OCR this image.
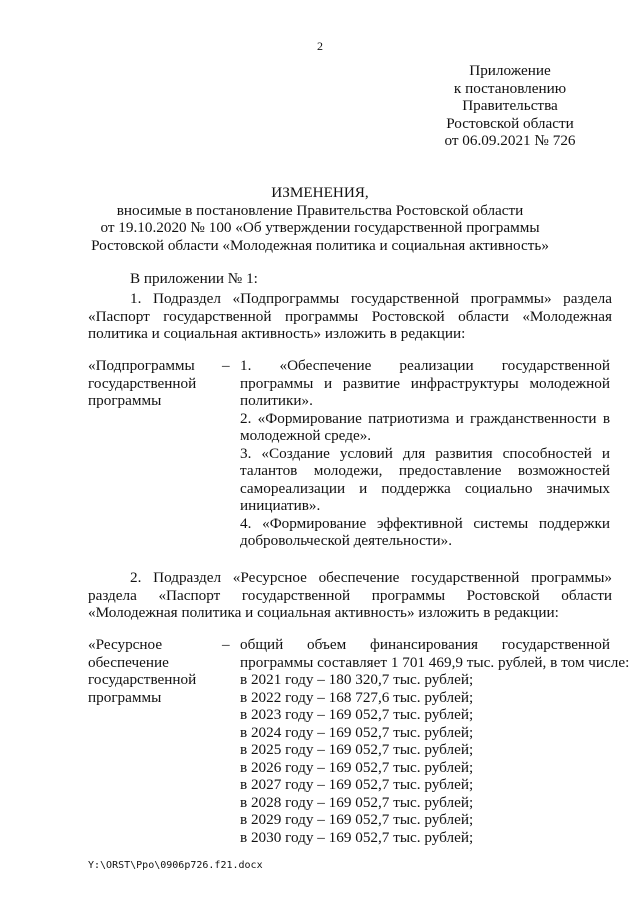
2
Приложение
к постановлению
Правительства
Ростовской области
от 06.09.2021 № 726
ИЗМЕНЕНИЯ,
вносимые в постановление Правительства Ростовской области
от 19.10.2020 № 100 «Об утверждении государственной программы
Ростовской области «Молодежная политика и социальная активность»
В приложении № 1:
1. Подраздел «Подпрограммы государственной программы» раздела «Паспорт государственной программы Ростовской области «Молодежная политика и социальная активность» изложить в редакции:
«Подпрограммы
государственной
программы
– 1. «Обеспечение реализации государственной программы и развитие инфраструктуры молодежной политики».
2. «Формирование патриотизма и гражданственности в молодежной среде».
3. «Создание условий для развития способностей и талантов молодежи, предоставление возможностей самореализации и поддержка социально значимых инициатив».
4. «Формирование эффективной системы поддержки добровольческой деятельности».
2. Подраздел «Ресурсное обеспечение государственной программы» раздела «Паспорт государственной программы Ростовской области «Молодежная политика и социальная активность» изложить в редакции:
«Ресурсное
обеспечение
государственной
программы
– общий объем финансирования государственной
программы составляет 1 701 469,9 тыс. рублей, в том числе:
в 2021 году – 180 320,7 тыс. рублей;
в 2022 году – 168 727,6 тыс. рублей;
в 2023 году – 169 052,7 тыс. рублей;
в 2024 году – 169 052,7 тыс. рублей;
в 2025 году – 169 052,7 тыс. рублей;
в 2026 году – 169 052,7 тыс. рублей;
в 2027 году – 169 052,7 тыс. рублей;
в 2028 году – 169 052,7 тыс. рублей;
в 2029 году – 169 052,7 тыс. рублей;
в 2030 году – 169 052,7 тыс. рублей;
Y:\ORST\Ppo\0906p726.f21.docx
